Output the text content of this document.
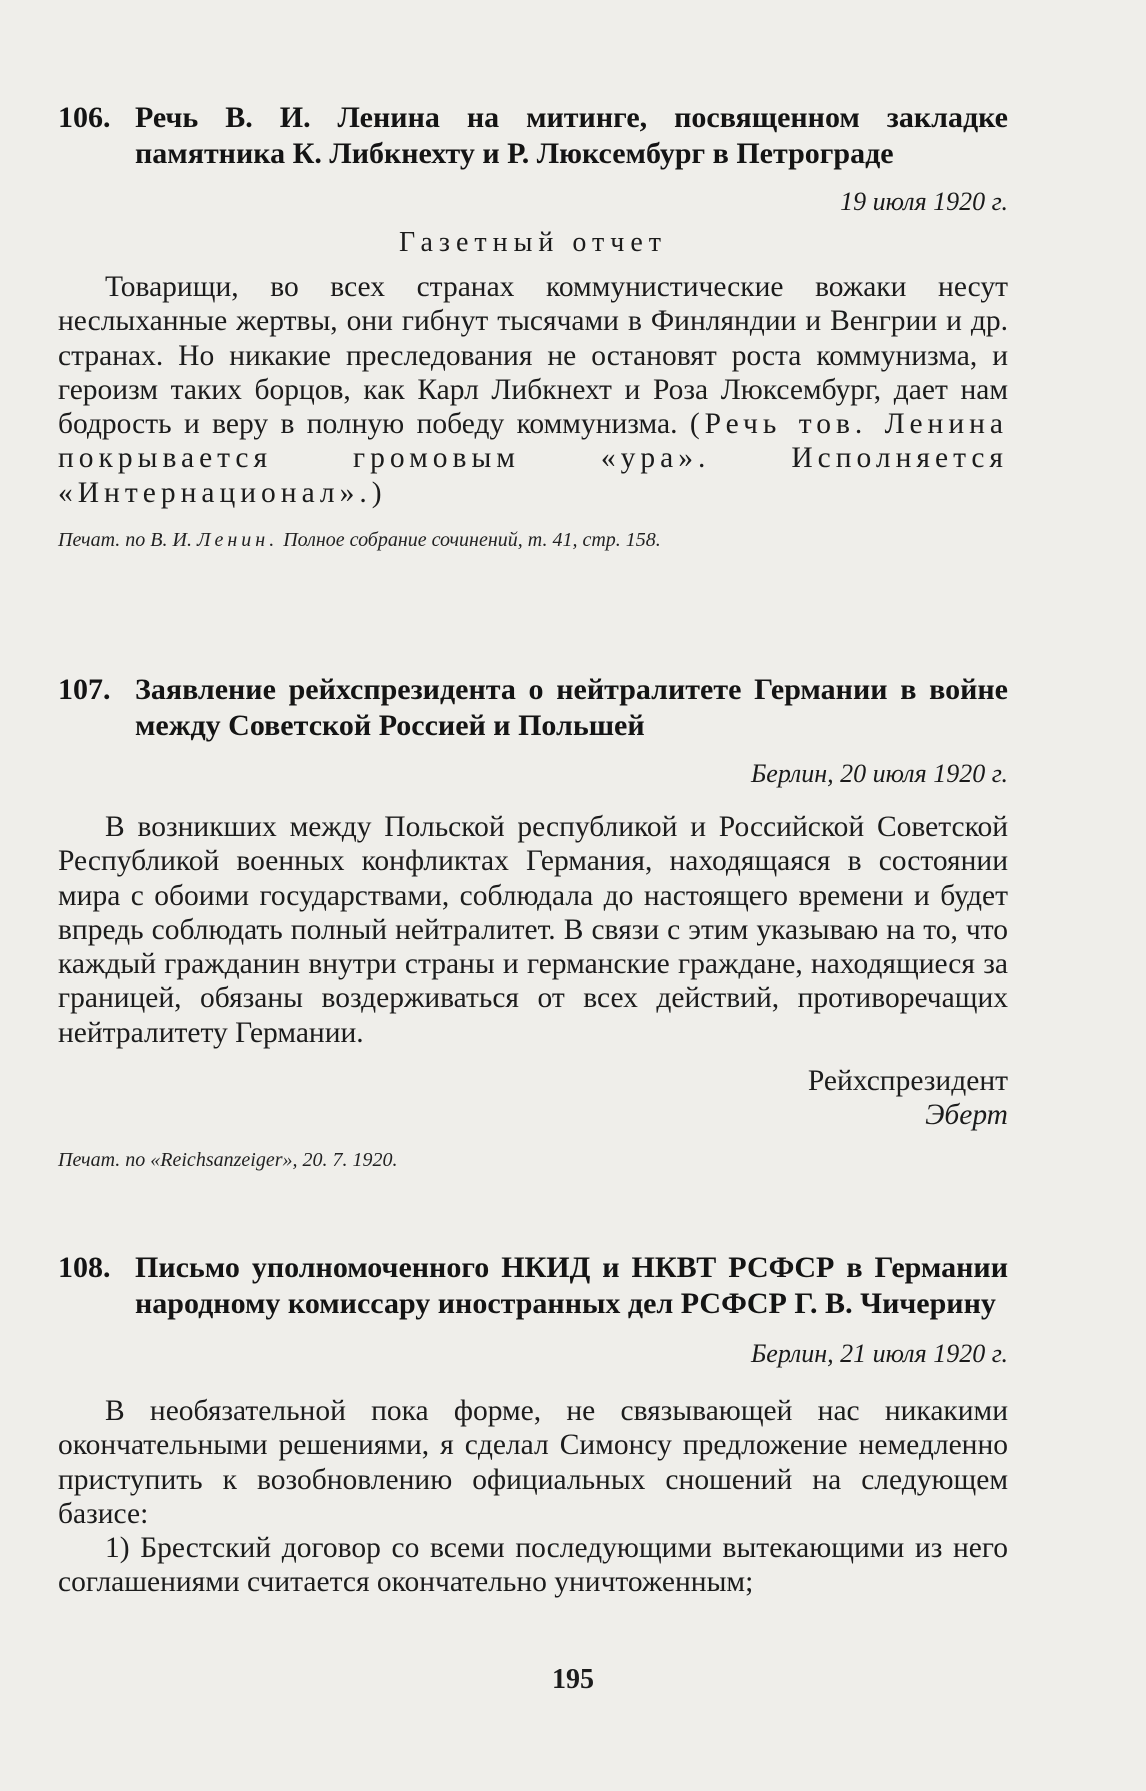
106. Речь В. И. Ленина на митинге, посвященном закладке памятника К. Либкнехту и Р. Люксембург в Петрограде
19 июля 1920 г.
Газетный отчет

Товарищи, во всех странах коммунистические вожаки несут неслыханные жертвы, они гибнут тысячами в Финляндии и Венгрии и др. странах. Но никакие преследования не остановят роста коммунизма, и героизм таких борцов, как Карл Либкнехт и Роза Люксембург, дает нам бодрость и веру в полную победу коммунизма. (Речь тов. Ленина покрывается громовым «ура». Исполняется «Интернационал».)

Печат. по В. И. Ленин. Полное собрание сочинений, т. 41, стр. 158.
107. Заявление рейхспрезидента о нейтралитете Германии в войне между Советской Россией и Польшей
Берлин, 20 июля 1920 г.

В возникших между Польской республикой и Российской Советской Республикой военных конфликтах Германия, находящаяся в состоянии мира с обоими государствами, соблюдала до настоящего времени и будет впредь соблюдать полный нейтралитет. В связи с этим указываю на то, что каждый гражданин внутри страны и германские граждане, находящиеся за границей, обязаны воздерживаться от всех действий, противоречащих нейтралитету Германии.

Рейхспрезидент
Эберт
Печат. по «Reichsanzeiger», 20. 7. 1920.
108. Письмо уполномоченного НКИД и НКВТ РСФСР в Германии народному комиссару иностранных дел РСФСР Г. В. Чичерину
Берлин, 21 июля 1920 г.

В необязательной пока форме, не связывающей нас никакими окончательными решениями, я сделал Симонсу предложение немедленно приступить к возобновлению официальных сношений на следующем базисе:

1) Брестский договор со всеми последующими вытекающими из него соглашениями считается окончательно уничтоженным;

195
